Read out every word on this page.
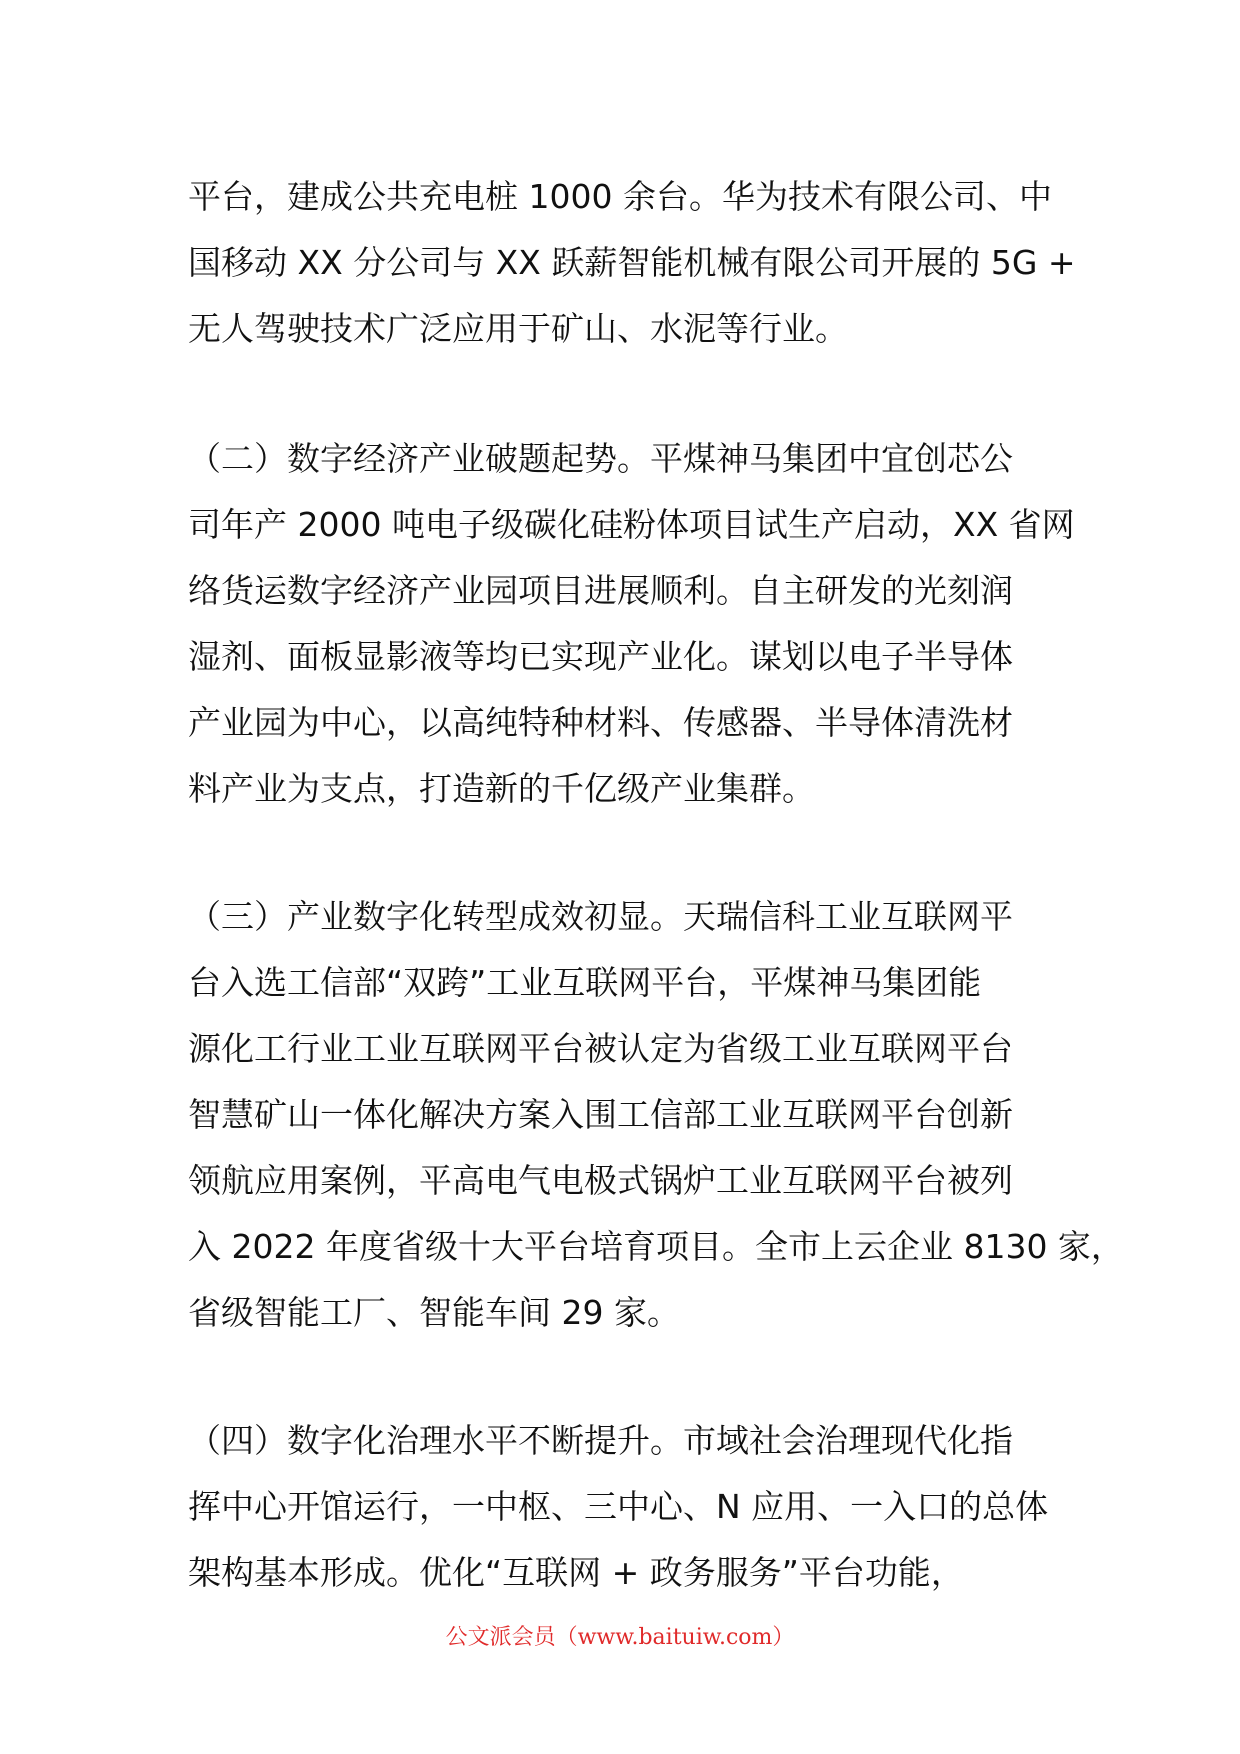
平台，建成公共充电桩 1000 余台。华为技术有限公司、中
国移动 XX 分公司与 XX 跃薪智能机械有限公司开展的 5G +
无人驾驶技术广泛应用于矿山、水泥等行业。
（二）数字经济产业破题起势。平煤神马集团中宜创芯公
司年产 2000 吨电子级碳化硅粉体项目试生产启动，XX 省网
络货运数字经济产业园项目进展顺利。自主研发的光刻润
湿剂、面板显影液等均已实现产业化。谋划以电子半导体
产业园为中心，以高纯特种材料、传感器、半导体清洗材
料产业为支点，打造新的千亿级产业集群。
（三）产业数字化转型成效初显。天瑞信科工业互联网平
台入选工信部“双跨”工业互联网平台，平煤神马集团能
源化工行业工业互联网平台被认定为省级工业互联网平台
智慧矿山一体化解决方案入围工信部工业互联网平台创新
领航应用案例，平高电气电极式锅炉工业互联网平台被列
入 2022 年度省级十大平台培育项目。全市上云企业 8130 家，
省级智能工厂、智能车间 29 家。
（四）数字化治理水平不断提升。市域社会治理现代化指
挥中心开馆运行，一中枢、三中心、N 应用、一入口的总体
架构基本形成。优化“互联网 + 政务服务”平台功能，
公文派会员（www.baituiw.com）
